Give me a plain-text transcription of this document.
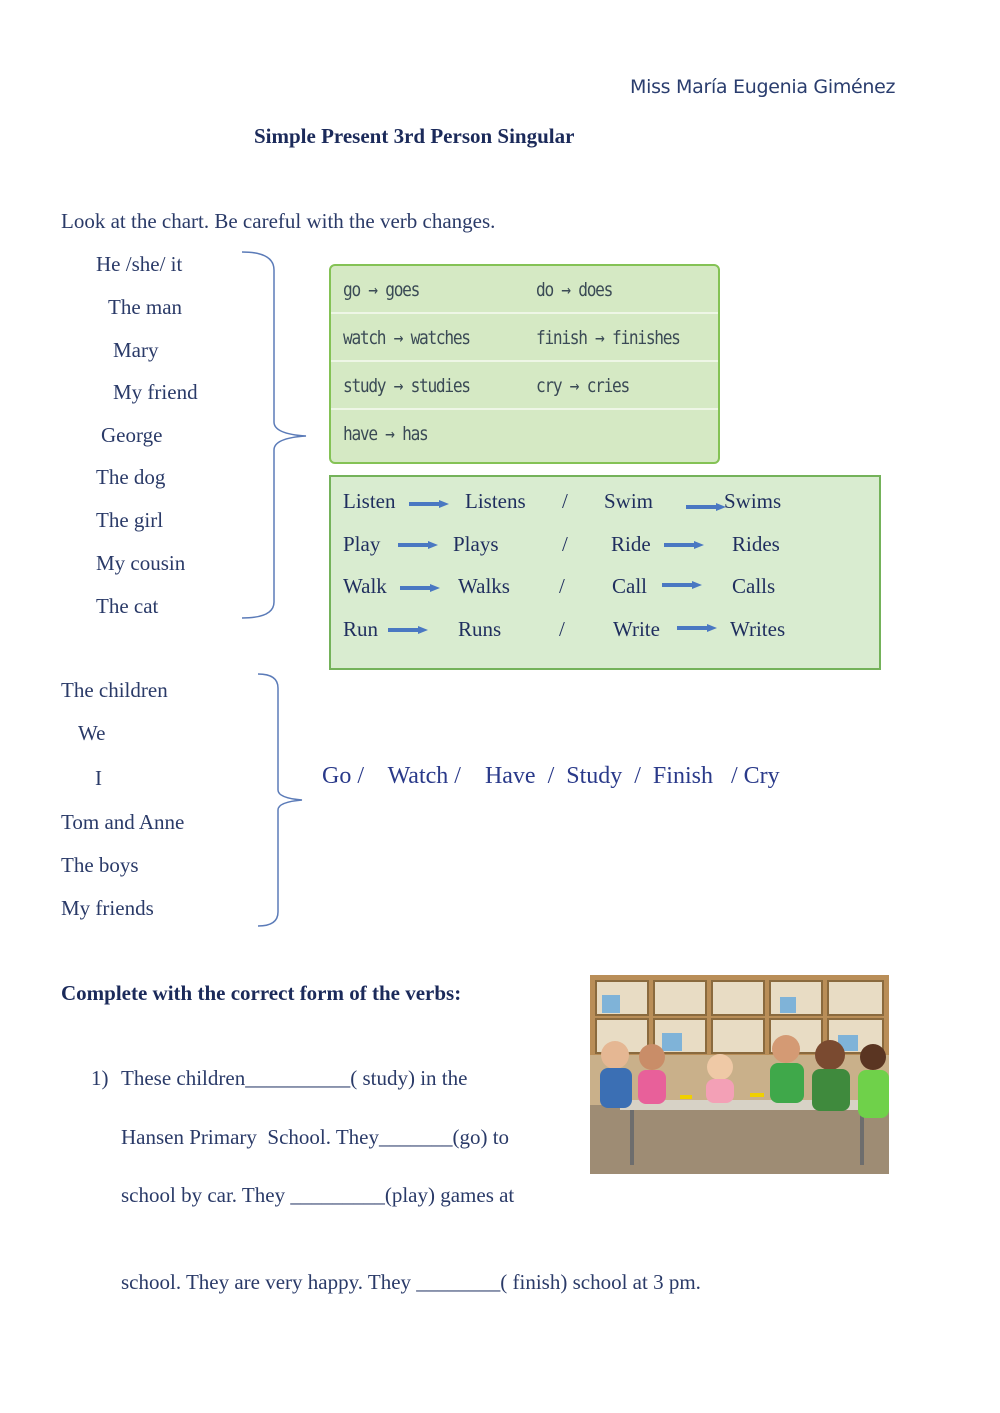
Miss María Eugenia Giménez
Simple Present 3rd Person Singular
Look at the chart. Be careful with the verb changes.
He /she/ it
The man
Mary
My friend
George
The dog
The girl
My cousin
The cat
go → goes	do → does
watch → watches	finish → finishes
study → studies	cry → cries
have → has
Listen	Listens / Swim	Swims
Play	Plays	/ Ride	Rides
Walk	Walks / Call	Calls
Run	Runs	/ Write	Writes
The children
We
I
Tom and Anne
The boys
My friends
Go /    Watch /    Have  /  Study  /  Finish   / Cry
Complete with the correct form of the verbs:
1) These children__________( study) in the
Hansen Primary  School. They_______(go) to
school by car. They _________(play) games at
school. They are very happy. They ________( finish) school at 3 pm.
